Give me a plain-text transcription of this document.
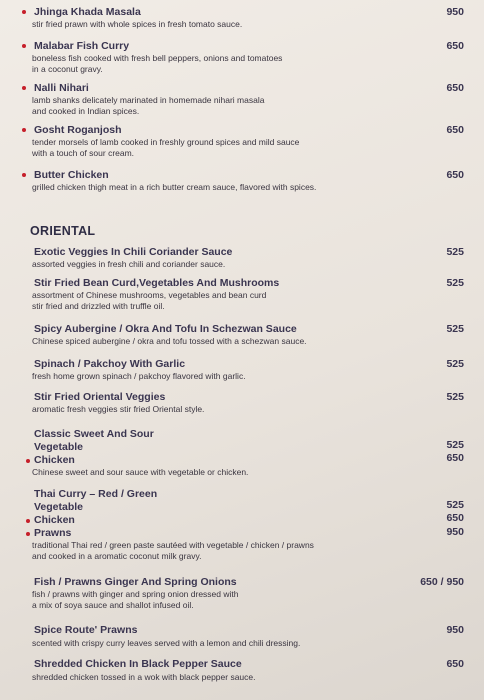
Jhinga Khada Masala	950
stir fried prawn with whole spices in fresh tomato sauce.
Malabar Fish Curry	650
boneless fish cooked with fresh bell peppers, onions and tomatoes
in a coconut gravy.
Nalli Nihari	650
lamb shanks delicately marinated in homemade nihari masala
and cooked in Indian spices.
Gosht Roganjosh	650
tender morsels of lamb cooked in freshly ground spices and mild sauce
with a touch of sour cream.
Butter Chicken	650
grilled chicken thigh meat in a rich butter cream sauce, flavored with spices.
ORIENTAL
Exotic Veggies In Chili Coriander Sauce	525
assorted veggies in fresh chili and coriander sauce.
Stir Fried Bean Curd,Vegetables And Mushrooms	525
assortment of Chinese mushrooms, vegetables and bean curd
stir fried and drizzled with truffle oil.
Spicy Aubergine / Okra And Tofu In Schezwan Sauce	525
Chinese spiced aubergine / okra and tofu tossed with a schezwan sauce.
Spinach / Pakchoy With Garlic	525
fresh home grown spinach / pakchoy flavored with garlic.
Stir Fried Oriental Veggies	525
aromatic fresh veggies stir fried Oriental style.
Classic Sweet And Sour
Vegetable	525
Chicken	650
Chinese sweet and sour sauce with vegetable or chicken.
Thai Curry – Red / Green
Vegetable	525
Chicken	650
Prawns	950
traditional Thai red / green paste sautéed with vegetable / chicken / prawns
and cooked in a aromatic coconut milk gravy.
Fish / Prawns Ginger And Spring Onions	650 / 950
fish / prawns with ginger and spring onion dressed with
a mix of soya sauce and shallot infused oil.
Spice Route' Prawns	950
scented with crispy curry leaves served with a lemon and chili dressing.
Shredded Chicken In Black Pepper Sauce	650
shredded chicken tossed in a wok with black pepper sauce.
